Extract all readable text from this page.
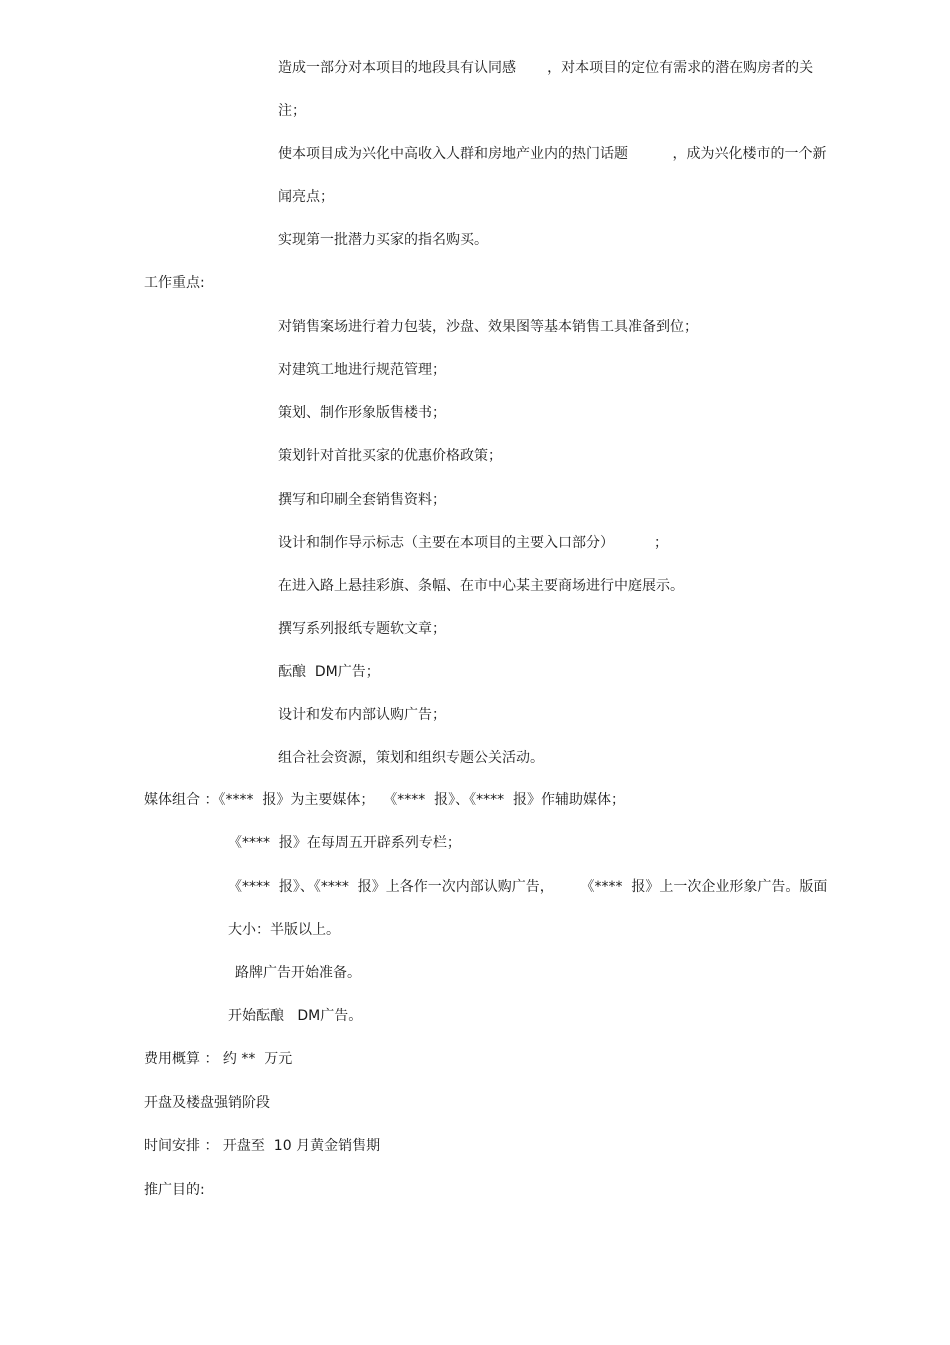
造成一部分对本项目的地段具有认同感       ，对本项目的定位有需求的潜在购房者的关
注；
使本项目成为兴化中高收入人群和房地产业内的热门话题          ，成为兴化楼市的一个新
闻亮点；
实现第一批潜力买家的指名购买。
工作重点:
对销售案场进行着力包装，沙盘、效果图等基本销售工具准备到位；
对建筑工地进行规范管理；
策划、制作形象版售楼书；
策划针对首批买家的优惠价格政策；
撰写和印刷全套销售资料；
设计和制作导示标志（主要在本项目的主要入口部分）         ；
在进入路上悬挂彩旗、条幅、在市中心某主要商场进行中庭展示。
撰写系列报纸专题软文章；
酝酿  DM广告；
设计和发布内部认购广告；
组合社会资源，策划和组织专题公关活动。
媒体组合 ：《****  报》为主要媒体；  《****  报》、《****  报》作辅助媒体；
《****  报》在每周五开辟系列专栏；
《****  报》、《****  报》上各作一次内部认购广告，      《****  报》上一次企业形象广告。版面
大小：半版以上。
路牌广告开始准备。
开始酝酿   DM广告。
费用概算 ： 约 **  万元
开盘及楼盘强销阶段
时间安排 ： 开盘至  10 月黄金销售期
推广目的:
